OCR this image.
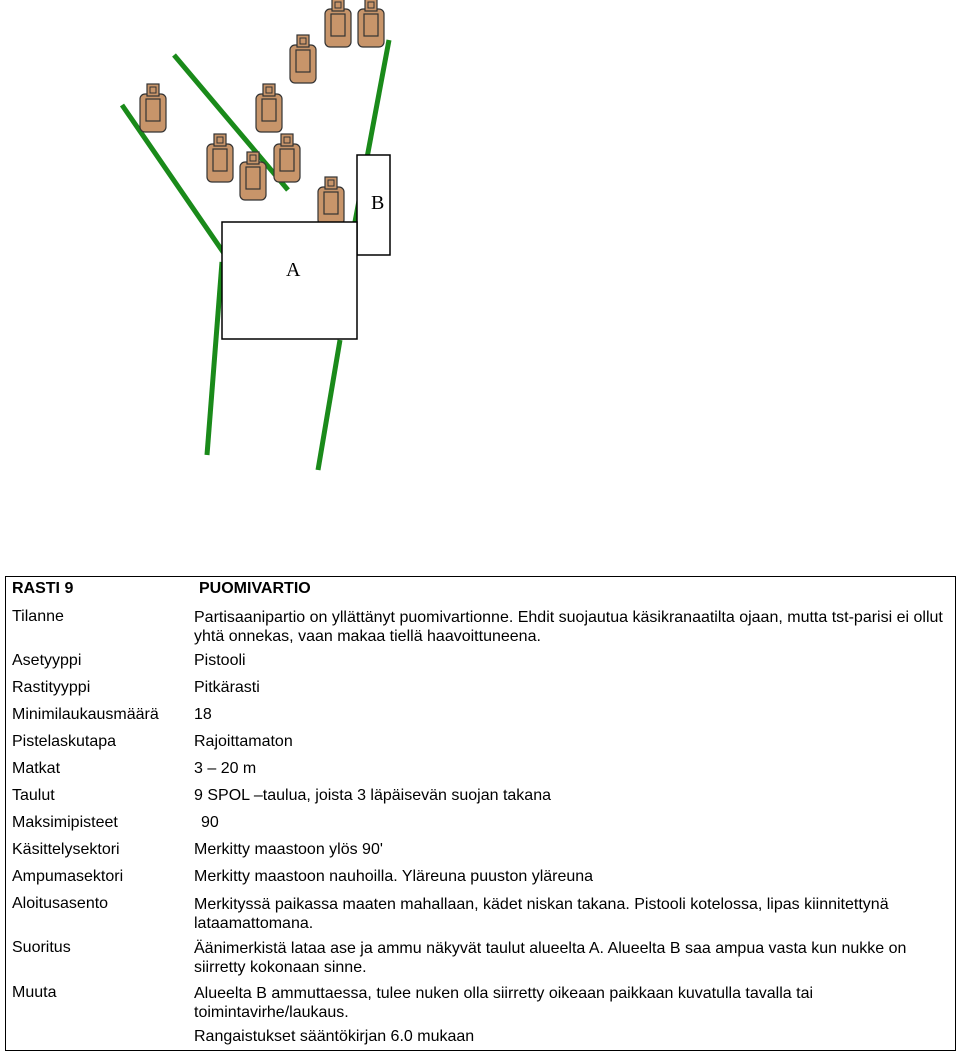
B
A
RASTI 9	PUOMIVARTIO
Tilanne	Partisaanipartio on yllättänyt puomivartionne. Ehdit suojautua käsikranaatilta ojaan, mutta tst-parisi ei ollut yhtä onnekas, vaan makaa tiellä haavoittuneena.
Asetyyppi	Pistooli
Rastityyppi	Pitkärasti
Minimilaukausmäärä 18
Pistelaskutapa	Rajoittamaton
Matkat	3 – 20 m
Taulut	9 SPOL –taulua, joista 3 läpäisevän suojan takana
Maksimipisteet	90
Käsittelysektori	Merkitty maastoon ylös 90'
Ampumasektori	Merkitty maastoon nauhoilla. Yläreuna puuston yläreuna
Aloitusasento	Merkityssä paikassa maaten mahallaan, kädet niskan takana. Pistooli kotelossa, lipas kiinnitettynä lataamattomana.
Suoritus	Äänimerkistä lataa ase ja ammu näkyvät taulut alueelta A. Alueelta B saa ampua vasta kun nukke on siirretty kokonaan sinne.
Muuta	Alueelta B ammuttaessa, tulee nuken olla siirretty oikeaan paikkaan kuvatulla tavalla tai toimintavirhe/laukaus.
Rangaistukset sääntökirjan 6.0 mukaan
